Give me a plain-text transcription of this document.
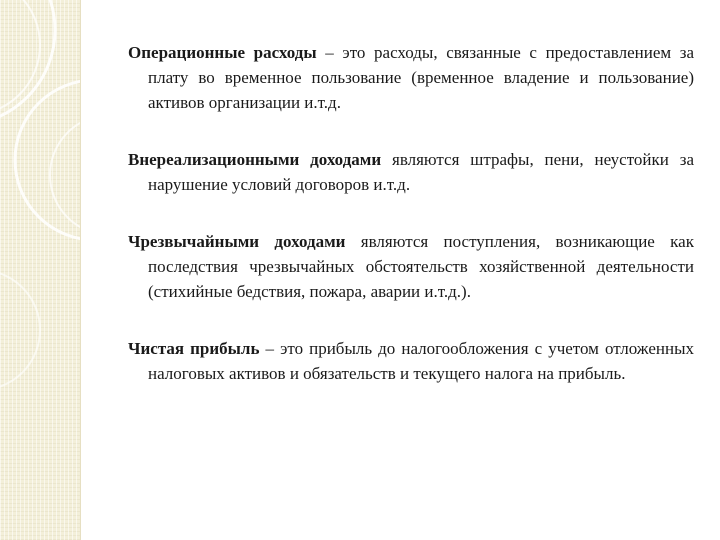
Операционные расходы – это расходы, связанные с предоставлением за плату во временное пользование (временное владение и пользование) активов организации и.т.д.

Внереализационными доходами являются штрафы, пени, неустойки за нарушение условий договоров и.т.д.

Чрезвычайными доходами являются поступления, возникающие как последствия чрезвычайных обстоятельств хозяйственной деятельности (стихийные бедствия, пожара, аварии и.т.д.).

Чистая прибыль – это прибыль до налогообложения с учетом отложенных налоговых активов и обязательств и текущего налога на прибыль.
